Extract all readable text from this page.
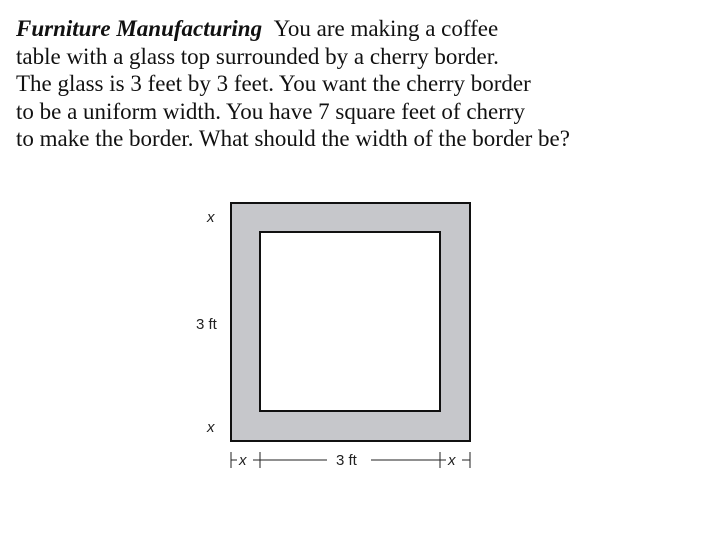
Furniture Manufacturing You are making a coffee
table with a glass top surrounded by a cherry border.
The glass is 3 feet by 3 feet. You want the cherry border
to be a uniform width. You have 7 square feet of cherry
to make the border. What should the width of the border be?
x
3 ft
x
x	3 ft	x
